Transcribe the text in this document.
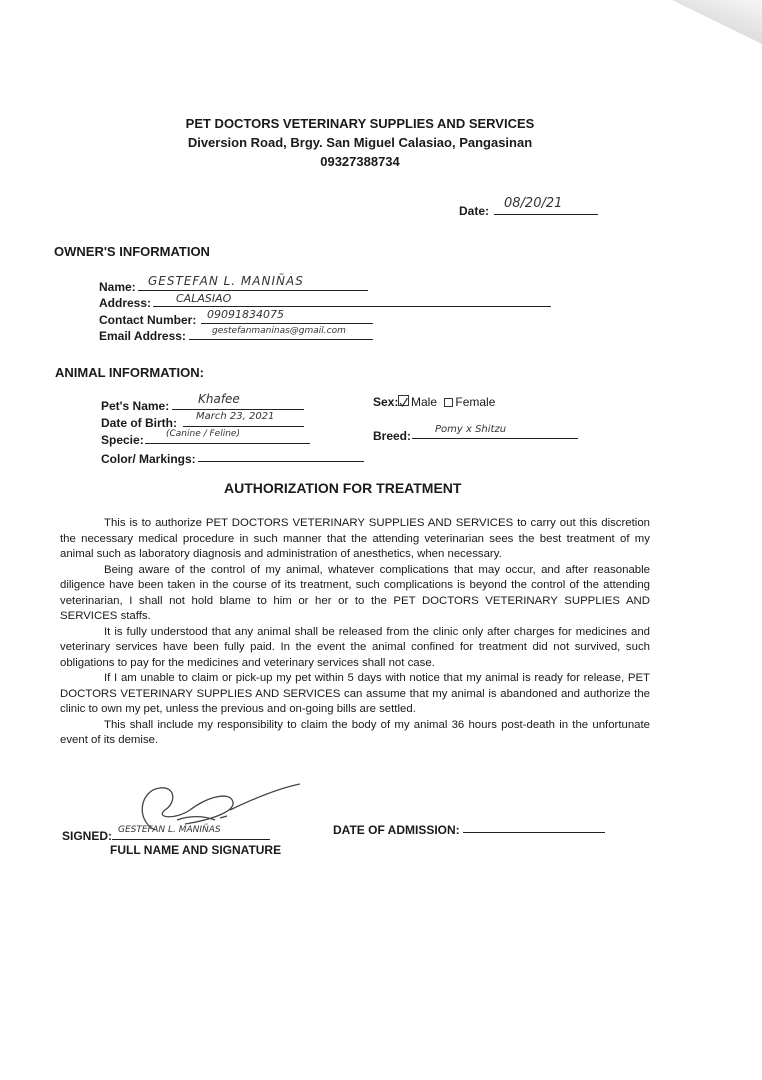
PET DOCTORS VETERINARY SUPPLIES AND SERVICES
Diversion Road, Brgy. San Miguel Calasiao, Pangasinan
09327388734
Date: 08/20/21
OWNER'S INFORMATION
Name: GESTEFAN L. MANIÑAS
Address: CALASIAO
Contact Number: 09091834075
Email Address:	gestefanmaninas@gmail.com
ANIMAL INFORMATION:
Pet's Name: Khafee
Date of Birth: March 23, 2021
Specie: (Canine / Feline)
Color/ Markings:
Sex:	Male Female
Breed: Pomy x Shitzu
AUTHORIZATION FOR TREATMENT

This is to authorize PET DOCTORS VETERINARY SUPPLIES AND SERVICES to carry out this discretion the necessary medical procedure in such manner that the attending veterinarian sees the best treatment of my animal such as laboratory diagnosis and administration of anesthetics, when necessary.

Being aware of the control of my animal, whatever complications that may occur, and after reasonable diligence have been taken in the course of its treatment, such complications is beyond the control of the attending veterinarian, I shall not hold blame to him or her or to the PET DOCTORS VETERINARY SUPPLIES AND SERVICES staffs.

It is fully understood that any animal shall be released from the clinic only after charges for medicines and veterinary services have been fully paid. In the event the animal confined for treatment did not survived, such obligations to pay for the medicines and veterinary services shall not case.

If I am unable to claim or pick-up my pet within 5 days with notice that my animal is ready for release, PET DOCTORS VETERINARY SUPPLIES AND SERVICES can assume that my animal is abandoned and authorize the clinic to own my pet, unless the previous and on-going bills are settled.

This shall include my responsibility to claim the body of my animal 36 hours post-death in the unfortunate event of its demise.

SIGNED: GESTEFAN L. MANIÑAS
FULL NAME AND SIGNATURE
DATE OF ADMISSION:
